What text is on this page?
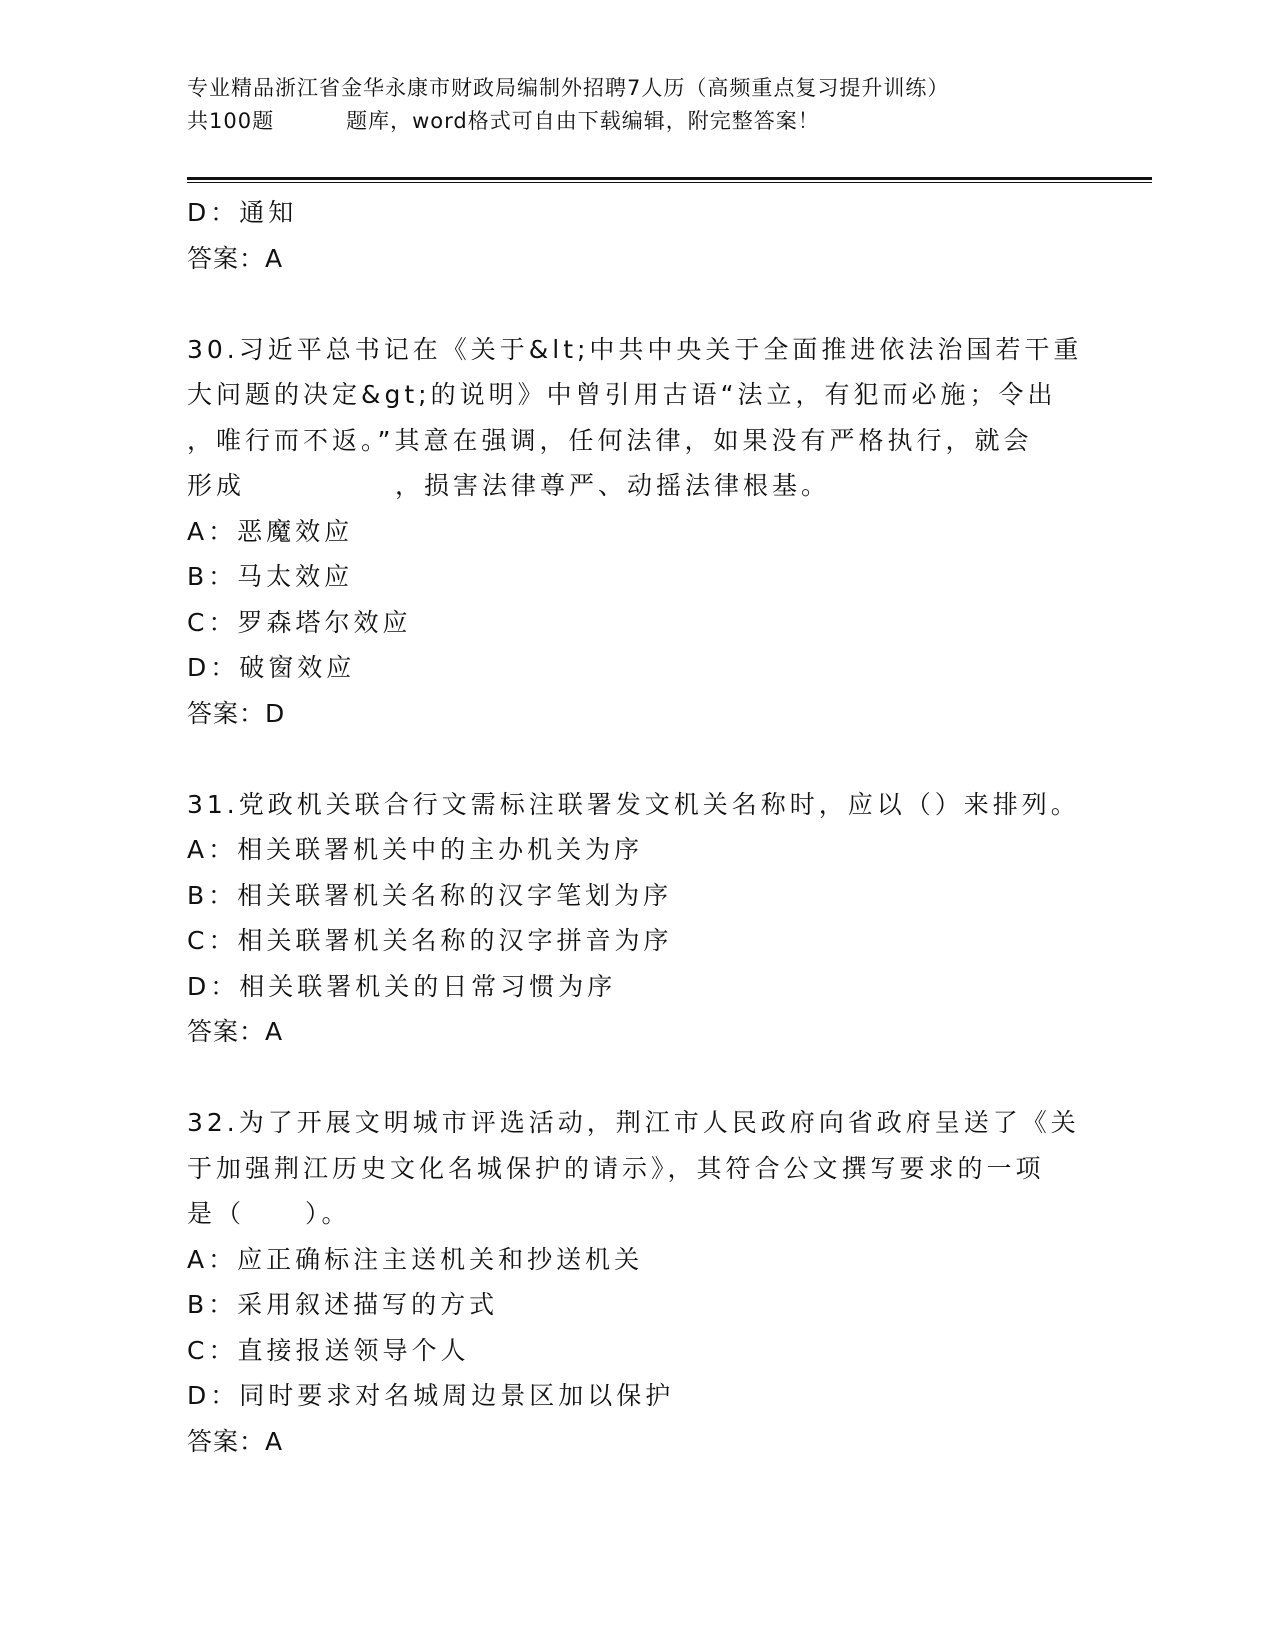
专业精品浙江省金华永康市财政局编制外招聘7人历（高频重点复习提升训练）
共100题	题库，word格式可自由下载编辑，附完整答案！
D：通知
答案：A
30.习近平总书记在《关于&lt;中共中央关于全面推进依法治国若干重
大问题的决定&gt;的说明》中曾引用古语“法立，有犯而必施；令出
，唯行而不返。”其意在强调，任何法律，如果没有严格执行，就会
形成	，损害法律尊严、动摇法律根基。
A：恶魔效应
B：马太效应
C：罗森塔尔效应
D：破窗效应
答案：D
31.党政机关联合行文需标注联署发文机关名称时，应以（）来排列。
A：相关联署机关中的主办机关为序
B：相关联署机关名称的汉字笔划为序
C：相关联署机关名称的汉字拼音为序
D：相关联署机关的日常习惯为序
答案：A
32.为了开展文明城市评选活动，荆江市人民政府向省政府呈送了《关
于加强荆江历史文化名城保护的请示》，其符合公文撰写要求的一项
是（ ）。
A：应正确标注主送机关和抄送机关
B：采用叙述描写的方式
C：直接报送领导个人
D：同时要求对名城周边景区加以保护
答案：A
